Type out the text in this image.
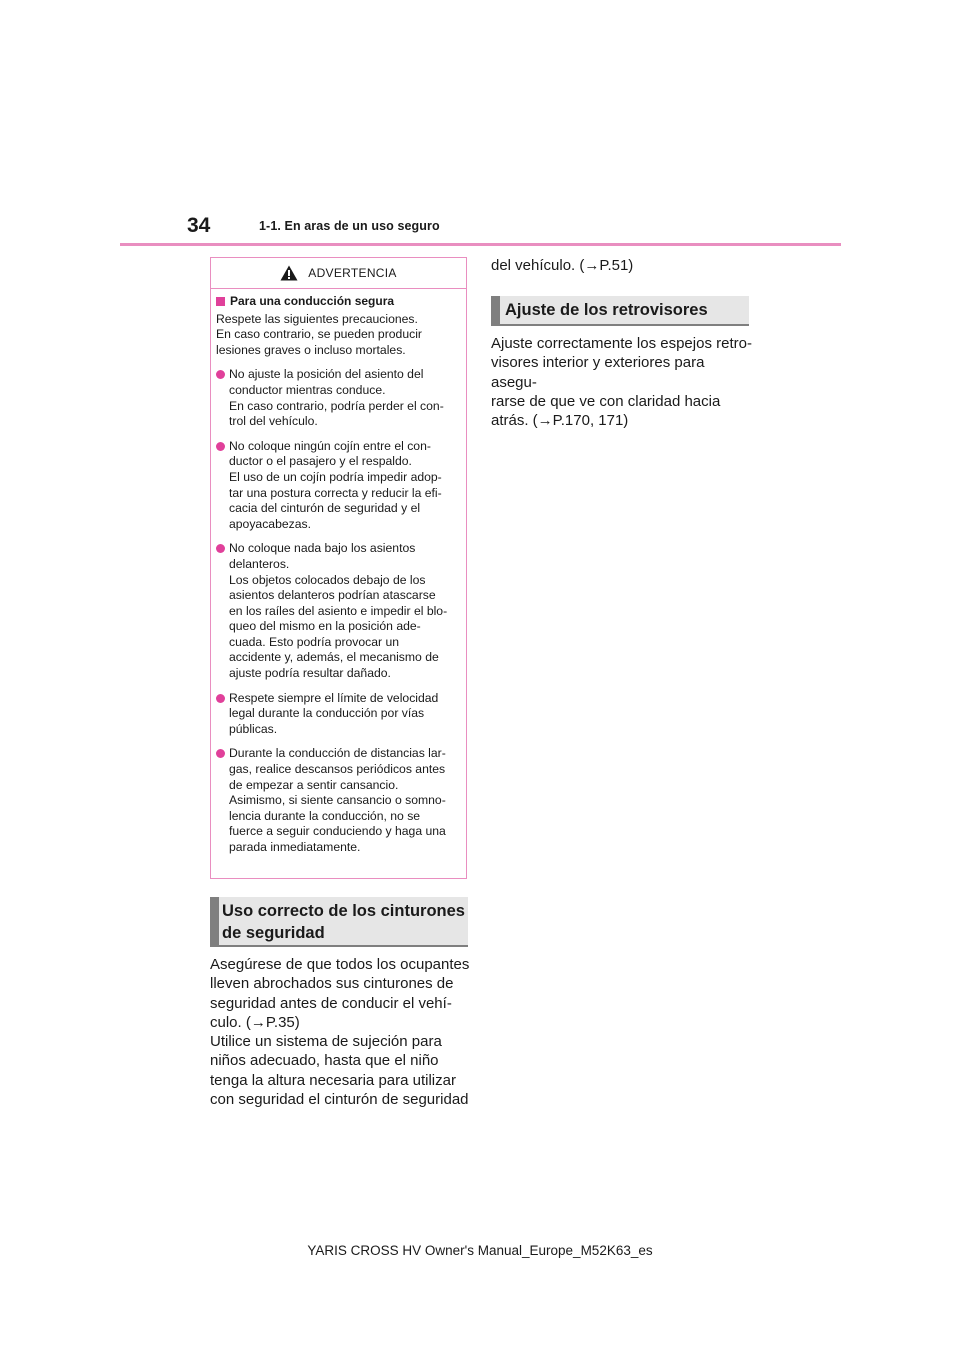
34	1-1. En aras de un uso seguro
ADVERTENCIA
Para una conducción segura
Respete las siguientes precauciones.
En caso contrario, se pueden producir
lesiones graves o incluso mortales.
No ajuste la posición del asiento del
conductor mientras conduce.
En caso contrario, podría perder el con-
trol del vehículo.
No coloque ningún cojín entre el con-
ductor o el pasajero y el respaldo.
El uso de un cojín podría impedir adop-
tar una postura correcta y reducir la efi-
cacia del cinturón de seguridad y el
apoyacabezas.
No coloque nada bajo los asientos
delanteros.
Los objetos colocados debajo de los
asientos delanteros podrían atascarse
en los raíles del asiento e impedir el blo-
queo del mismo en la posición ade-
cuada. Esto podría provocar un
accidente y, además, el mecanismo de
ajuste podría resultar dañado.
Respete siempre el límite de velocidad
legal durante la conducción por vías
públicas.
Durante la conducción de distancias lar-
gas, realice descansos periódicos antes
de empezar a sentir cansancio.
Asimismo, si siente cansancio o somno-
lencia durante la conducción, no se
fuerce a seguir conduciendo y haga una
parada inmediatamente.
Uso correcto de los cinturones
de seguridad
Asegúrese de que todos los ocupantes
lleven abrochados sus cinturones de
seguridad antes de conducir el vehí-
culo. (→P.35)
Utilice un sistema de sujeción para
niños adecuado, hasta que el niño
tenga la altura necesaria para utilizar
con seguridad el cinturón de seguridad
del vehículo. (→P.51)
Ajuste de los retrovisores
Ajuste correctamente los espejos retro-
visores interior y exteriores para asegu-
rarse de que ve con claridad hacia
atrás. (→P.170, 171)
YARIS CROSS HV Owner's Manual_Europe_M52K63_es
